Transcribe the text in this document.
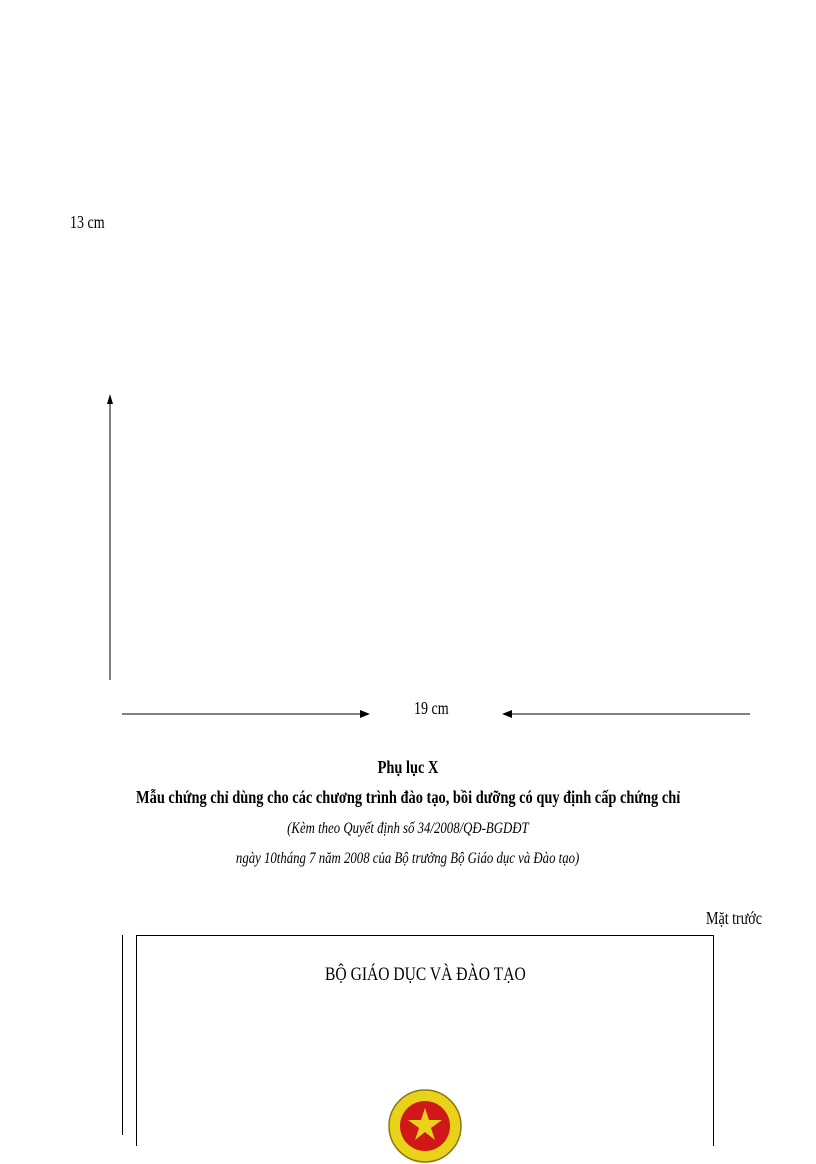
13 cm
19 cm
Phụ lục X
Mẫu chứng chỉ dùng cho các chương trình đào tạo, bồi dưỡng có quy định cấp chứng chỉ
(Kèm theo Quyết định số 34/2008/QĐ-BGDĐT
ngày 10tháng 7 năm 2008 của Bộ trưởng Bộ Giáo dục và Đào tạo)
Mặt trước
BỘ GIÁO DỤC VÀ ĐÀO TẠO
